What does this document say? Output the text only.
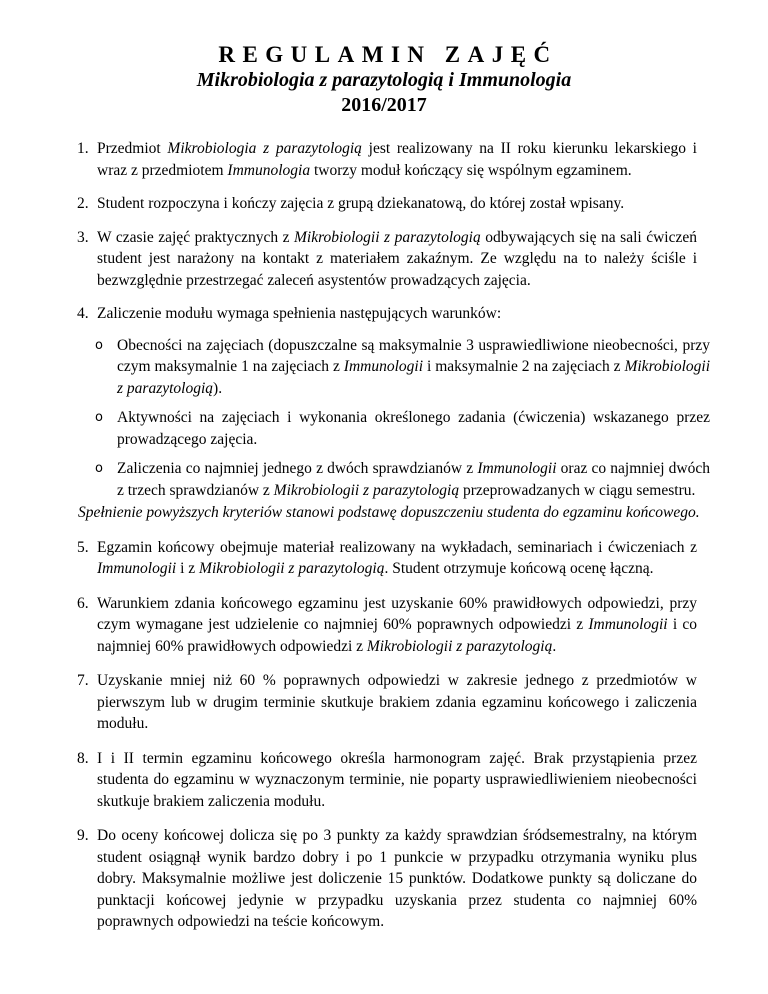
REGULAMIN ZAJĘĆ

Mikrobiologia z parazytologią i Immunologia

2016/2017

1. Przedmiot Mikrobiologia z parazytologią jest realizowany na II roku kierunku lekarskiego i wraz z przedmiotem Immunologia tworzy moduł kończący się wspólnym egzaminem.
2. Student rozpoczyna i kończy zajęcia z grupą dziekanatową, do której został wpisany.
3. W czasie zajęć praktycznych z Mikrobiologii z parazytologią odbywających się na sali ćwiczeń student jest narażony na kontakt z materiałem zakaźnym. Ze względu na to należy ściśle i bezwzględnie przestrzegać zaleceń asystentów prowadzących zajęcia.
4. Zaliczenie modułu wymaga spełnienia następujących warunków:
o Obecności na zajęciach (dopuszczalne są maksymalnie 3 usprawiedliwione nieobecności, przy czym maksymalnie 1 na zajęciach z Immunologii i maksymalnie 2 na zajęciach z Mikrobiologii z parazytologią).
o Aktywności na zajęciach i wykonania określonego zadania (ćwiczenia) wskazanego przez prowadzącego zajęcia.
o Zaliczenia co najmniej jednego z dwóch sprawdzianów z Immunologii oraz co najmniej dwóch z trzech sprawdzianów z Mikrobiologii z parazytologią przeprowadzanych w ciągu semestru.

Spełnienie powyższych kryteriów stanowi podstawę dopuszczeniu studenta do egzaminu końcowego.

5. Egzamin końcowy obejmuje materiał realizowany na wykładach, seminariach i ćwiczeniach z Immunologii i z Mikrobiologii z parazytologią. Student otrzymuje końcową ocenę łączną.
6. Warunkiem zdania końcowego egzaminu jest uzyskanie 60% prawidłowych odpowiedzi, przy czym wymagane jest udzielenie co najmniej 60% poprawnych odpowiedzi z Immunologii i co najmniej 60% prawidłowych odpowiedzi z Mikrobiologii z parazytologią.
7. Uzyskanie mniej niż 60 % poprawnych odpowiedzi w zakresie jednego z przedmiotów w pierwszym lub w drugim terminie skutkuje brakiem zdania egzaminu końcowego i zaliczenia modułu.
8. I i II termin egzaminu końcowego określa harmonogram zajęć. Brak przystąpienia przez studenta do egzaminu w wyznaczonym terminie, nie poparty usprawiedliwieniem nieobecności skutkuje brakiem zaliczenia modułu.
9. Do oceny końcowej dolicza się po 3 punkty za każdy sprawdzian śródsemestralny, na którym student osiągnął wynik bardzo dobry i po 1 punkcie w przypadku otrzymania wyniku plus dobry. Maksymalnie możliwe jest doliczenie 15 punktów. Dodatkowe punkty są doliczane do punktacji końcowej jedynie w przypadku uzyskania przez studenta co najmniej 60% poprawnych odpowiedzi na teście końcowym.
